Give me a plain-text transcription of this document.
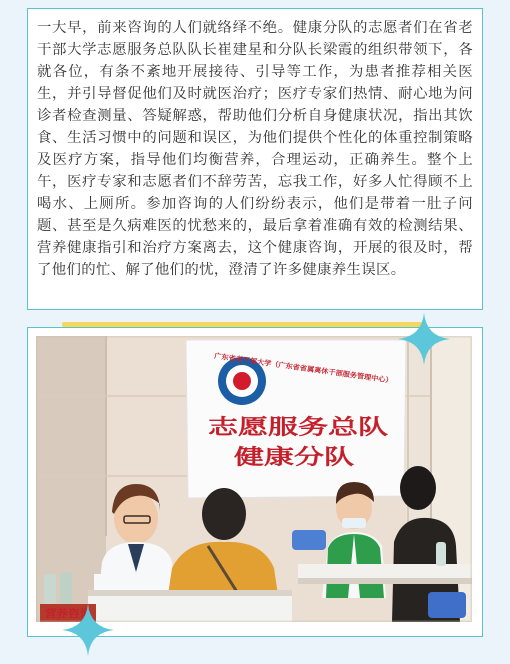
一大早，前来咨询的人们就络绎不绝。健康分队的志愿者们在省老干部大学志愿服务总队队长崔建星和分队长梁霞的组织带领下，各就各位，有条不紊地开展接待、引导等工作，为患者推荐相关医生，并引导督促他们及时就医治疗；医疗专家们热情、耐心地为问诊者检查测量、答疑解惑，帮助他们分析自身健康状况，指出其饮食、生活习惯中的问题和误区，为他们提供个性化的体重控制策略及医疗方案，指导他们均衡营养，合理运动，正确养生。整个上午，医疗专家和志愿者们不辞劳苦，忘我工作，好多人忙得顾不上喝水、上厕所。参加咨询的人们纷纷表示，他们是带着一肚子问题、甚至是久病难医的忧愁来的，最后拿着准确有效的检测结果、营养健康指引和治疗方案离去，这个健康咨询，开展的很及时，帮了他们的忙、解了他们的忧，澄清了许多健康养生误区。

广东省老干部大学（广东省省属离休干部服务管理中心）
志愿服务总队
健康分队
营养咨询
